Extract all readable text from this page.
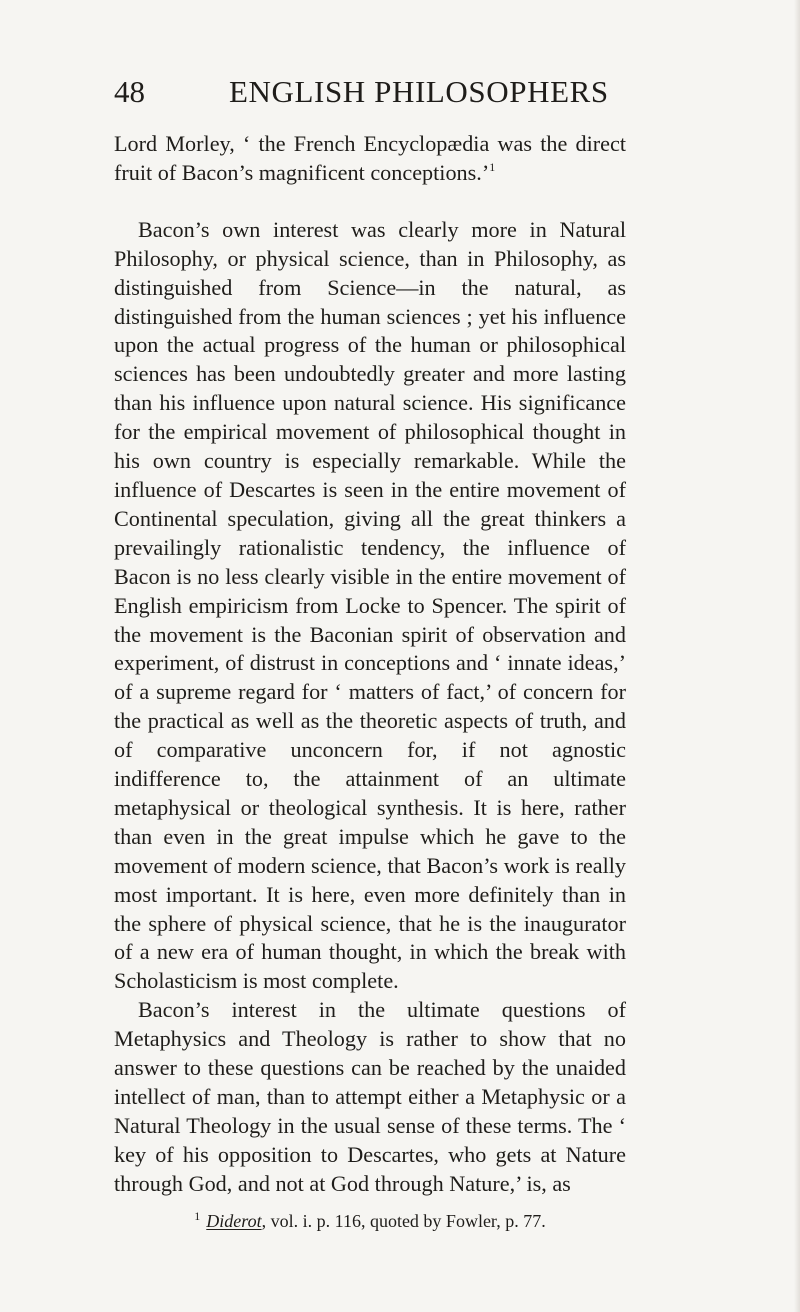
48	ENGLISH PHILOSOPHERS

Lord Morley, ‘ the French Encyclopædia was the direct fruit of Bacon’s magnificent conceptions.’$^1$

Bacon’s own interest was clearly more in Natural Philosophy, or physical science, than in Philosophy, as distinguished from Science—in the natural, as distinguished from the human sciences ; yet his influence upon the actual progress of the human or philosophical sciences has been undoubtedly greater and more lasting than his influence upon natural science. His significance for the empirical movement of philosophical thought in his own country is especially remarkable. While the influence of Descartes is seen in the entire movement of Continental speculation, giving all the great thinkers a prevailingly rationalistic tendency, the influence of Bacon is no less clearly visible in the entire movement of English empiricism from Locke to Spencer. The spirit of the movement is the Baconian spirit of observation and experiment, of distrust in conceptions and ‘ innate ideas,’ of a supreme regard for ‘ matters of fact,’ of concern for the practical as well as the theoretic aspects of truth, and of comparative unconcern for, if not agnostic indifference to, the attainment of an ultimate metaphysical or theological synthesis. It is here, rather than even in the great impulse which he gave to the movement of modern science, that Bacon’s work is really most important. It is here, even more definitely than in the sphere of physical science, that he is the inaugurator of a new era of human thought, in which the break with Scholasticism is most complete.

Bacon’s interest in the ultimate questions of Metaphysics and Theology is rather to show that no answer to these questions can be reached by the unaided intellect of man, than to attempt either a Metaphysic or a Natural Theology in the usual sense of these terms. The ‘ key of his opposition to Descartes, who gets at Nature through God, and not at God through Nature,’ is, as

$^1$ Diderot, vol. i. p. 116, quoted by Fowler, p. 77.
